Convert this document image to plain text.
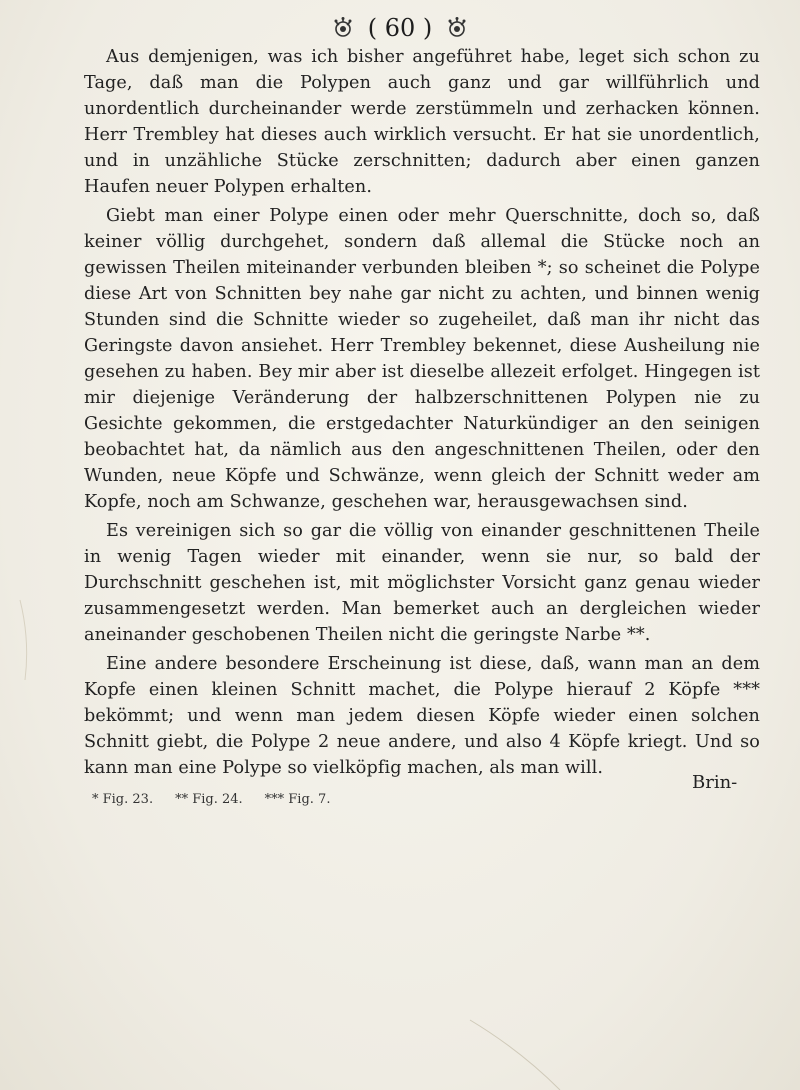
( 60 )

Aus demjenigen, was ich bisher angeführet habe, leget sich schon zu Tage, daß man die Polypen auch ganz und gar willführlich und unordentlich durcheinander werde zerstümmeln und zerhacken können. Herr Trembley hat dieses auch wirklich versucht. Er hat sie unordentlich, und in unzähliche Stücke zerschnitten; dadurch aber einen ganzen Haufen neuer Polypen erhalten.

Giebt man einer Polype einen oder mehr Querschnitte, doch so, daß keiner völlig durchgehet, sondern daß allemal die Stücke noch an gewissen Theilen miteinander verbunden bleiben *; so scheinet die Polype diese Art von Schnitten bey nahe gar nicht zu achten, und binnen wenig Stunden sind die Schnitte wieder so zugeheilet, daß man ihr nicht das Geringste davon ansiehet. Herr Trembley bekennet, diese Ausheilung nie gesehen zu haben. Bey mir aber ist dieselbe allezeit erfolget. Hingegen ist mir diejenige Veränderung der halbzerschnittenen Polypen nie zu Gesichte gekommen, die erstgedachter Naturkündiger an den seinigen beobachtet hat, da nämlich aus den angeschnittenen Theilen, oder den Wunden, neue Köpfe und Schwänze, wenn gleich der Schnitt weder am Kopfe, noch am Schwanze, geschehen war, herausgewachsen sind.

Es vereinigen sich so gar die völlig von einander geschnittenen Theile in wenig Tagen wieder mit einander, wenn sie nur, so bald der Durchschnitt geschehen ist, mit möglichster Vorsicht ganz genau wieder zusammengesetzt werden. Man bemerket auch an dergleichen wieder aneinander geschobenen Theilen nicht die geringste Narbe **.

Eine andere besondere Erscheinung ist diese, daß, wann man an dem Kopfe einen kleinen Schnitt machet, die Polype hierauf 2 Köpfe *** bekömmt; und wenn man jedem diesen Köpfe wieder einen solchen Schnitt giebt, die Polype 2 neue andere, und also 4 Köpfe kriegt. Und so kann man eine Polype so vielköpfig machen, als man will.

Brin-
* Fig. 23. ** Fig. 24. *** Fig. 7.
